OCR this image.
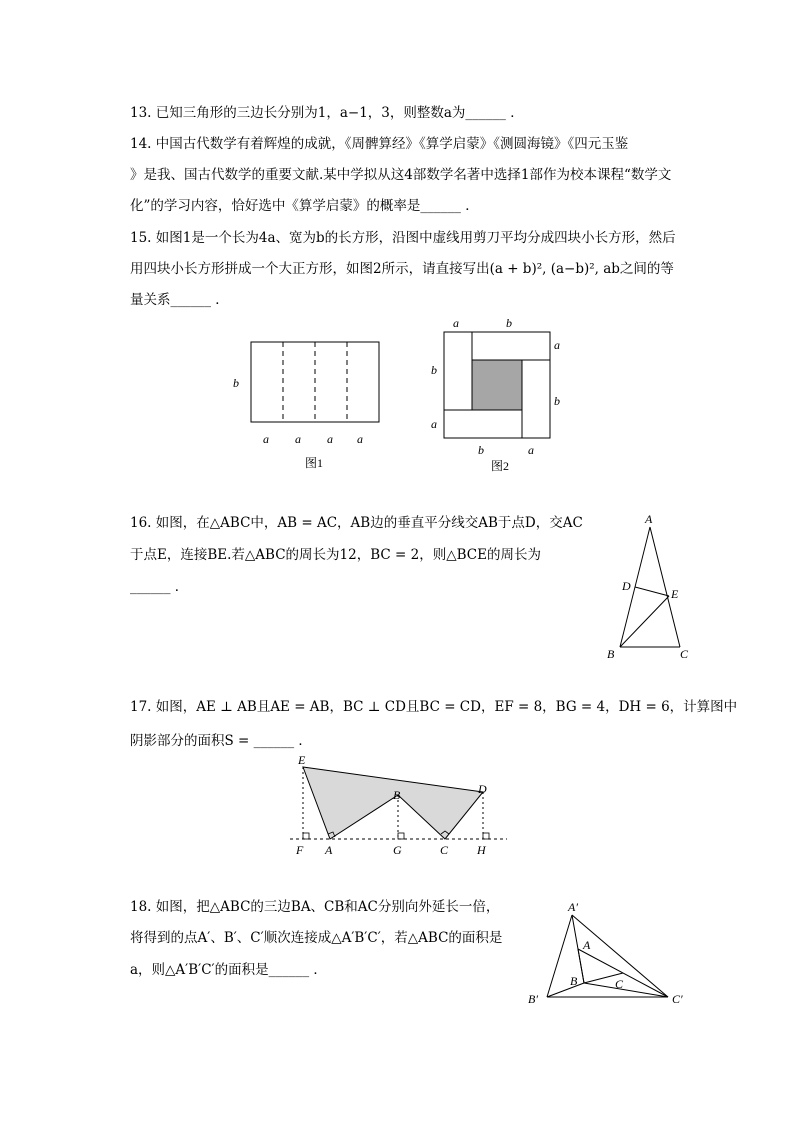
13. 已知三角形的三边长分别为1，a−1，3，则整数a为______ ．
14. 中国古代数学有着辉煌的成就，《周髀算经》《算学启蒙》《测圆海镜》《四元玉鉴
》是我、国古代数学的重要文献.某中学拟从这4部数学名著中选择1部作为校本课程“数学文
化”的学习内容，恰好选中《算学启蒙》的概率是______ ．
15. 如图1是一个长为4a、宽为b的长方形，沿图中虚线用剪刀平均分成四块小长方形，然后
用四块小长方形拼成一个大正方形，如图2所示，请直接写出(a + b)², (a−b)², ab之间的等
量关系______ ．
b
a a a a
图1
a	b
a
b
b
a
b	a
图2
16. 如图，在△ABC中，AB = AC，AB边的垂直平分线交AB于点D，交AC
于点E，连接BE.若△ABC的周长为12，BC = 2，则△BCE的周长为
______ ．
A
D
E
B	C
17. 如图，AE ⊥ AB且AE = AB，BC ⊥ CD且BC = CD，EF = 8，BG = 4，DH = 6，计算图中
阴影部分的面积S = ______ ．
E
B	D
F A	G	C H
18. 如图，把△ABC的三边BA、CB和AC分别向外延长一倍，
将得到的点A′、B′、C′顺次连接成△A′B′C′，若△ABC的面积是
a，则△A′B′C′的面积是______ ．
A′
A
B	C
B′	C′
